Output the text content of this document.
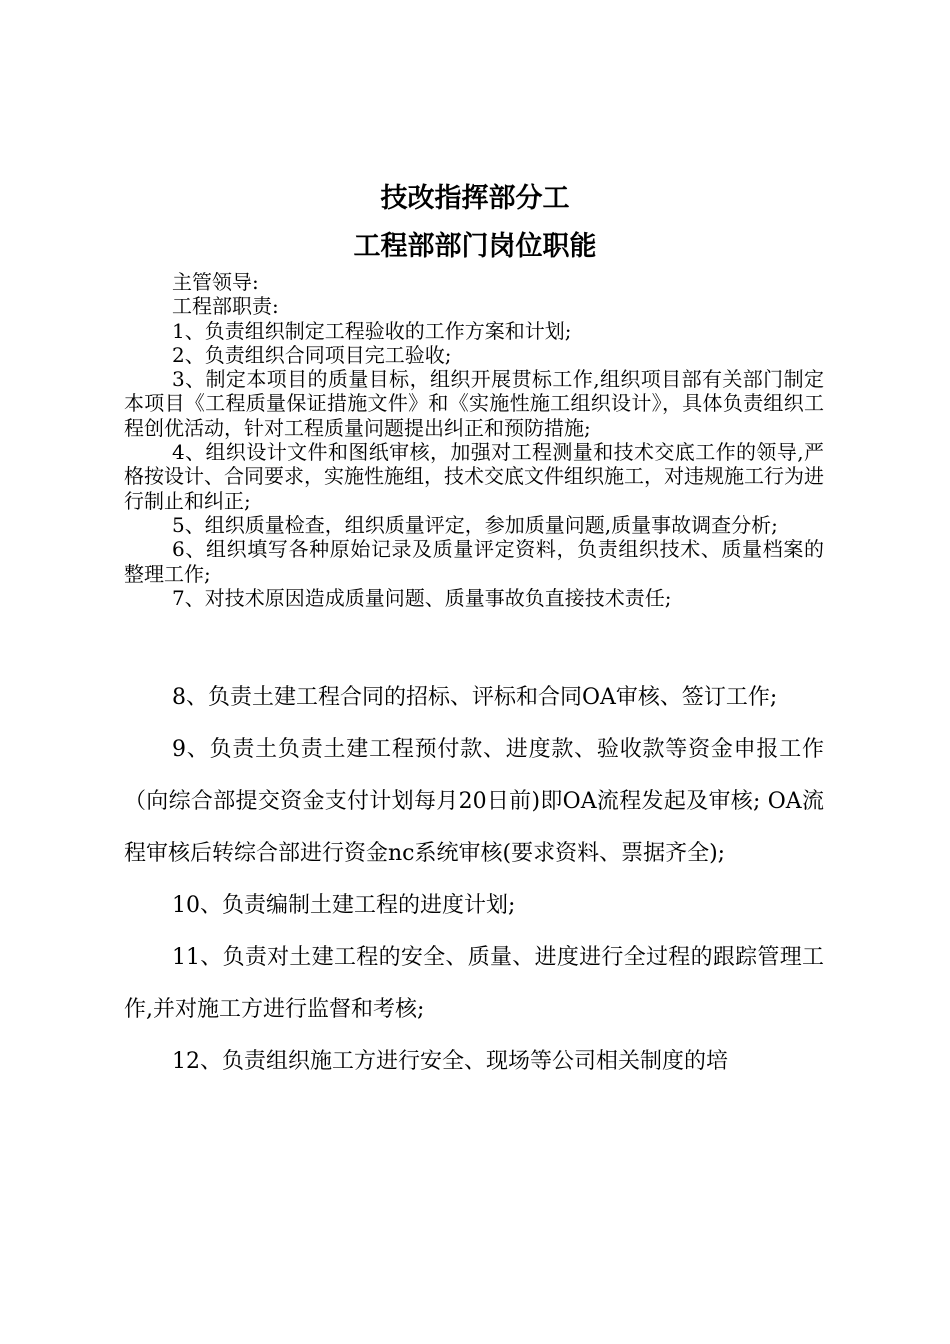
技改指挥部分工
工程部部门岗位职能

主管领导:

工程部职责:

1、负责组织制定工程验收的工作方案和计划;

2、负责组织合同项目完工验收;

3、制定本项目的质量目标，组织开展贯标工作,组织项目部有关部门制定本项目《工程质量保证措施文件》和《实施性施工组织设计》，具体负责组织工程创优活动，针对工程质量问题提出纠正和预防措施;

4、组织设计文件和图纸审核，加强对工程测量和技术交底工作的领导,严格按设计、合同要求，实施性施组，技术交底文件组织施工，对违规施工行为进行制止和纠正;

5、组织质量检查，组织质量评定，参加质量问题,质量事故调查分析;

6、组织填写各种原始记录及质量评定资料，负责组织技术、质量档案的整理工作;

7、对技术原因造成质量问题、质量事故负直接技术责任;

8、负责土建工程合同的招标、评标和合同OA审核、签订工作;

9、负责土负责土建工程预付款、进度款、验收款等资金申报工作（向综合部提交资金支付计划每月20日前)即OA流程发起及审核; OA流程审核后转综合部进行资金nc系统审核(要求资料、票据齐全);

10、负责编制土建工程的进度计划;

11、负责对土建工程的安全、质量、进度进行全过程的跟踪管理工作,并对施工方进行监督和考核;

12、负责组织施工方进行安全、现场等公司相关制度的培
